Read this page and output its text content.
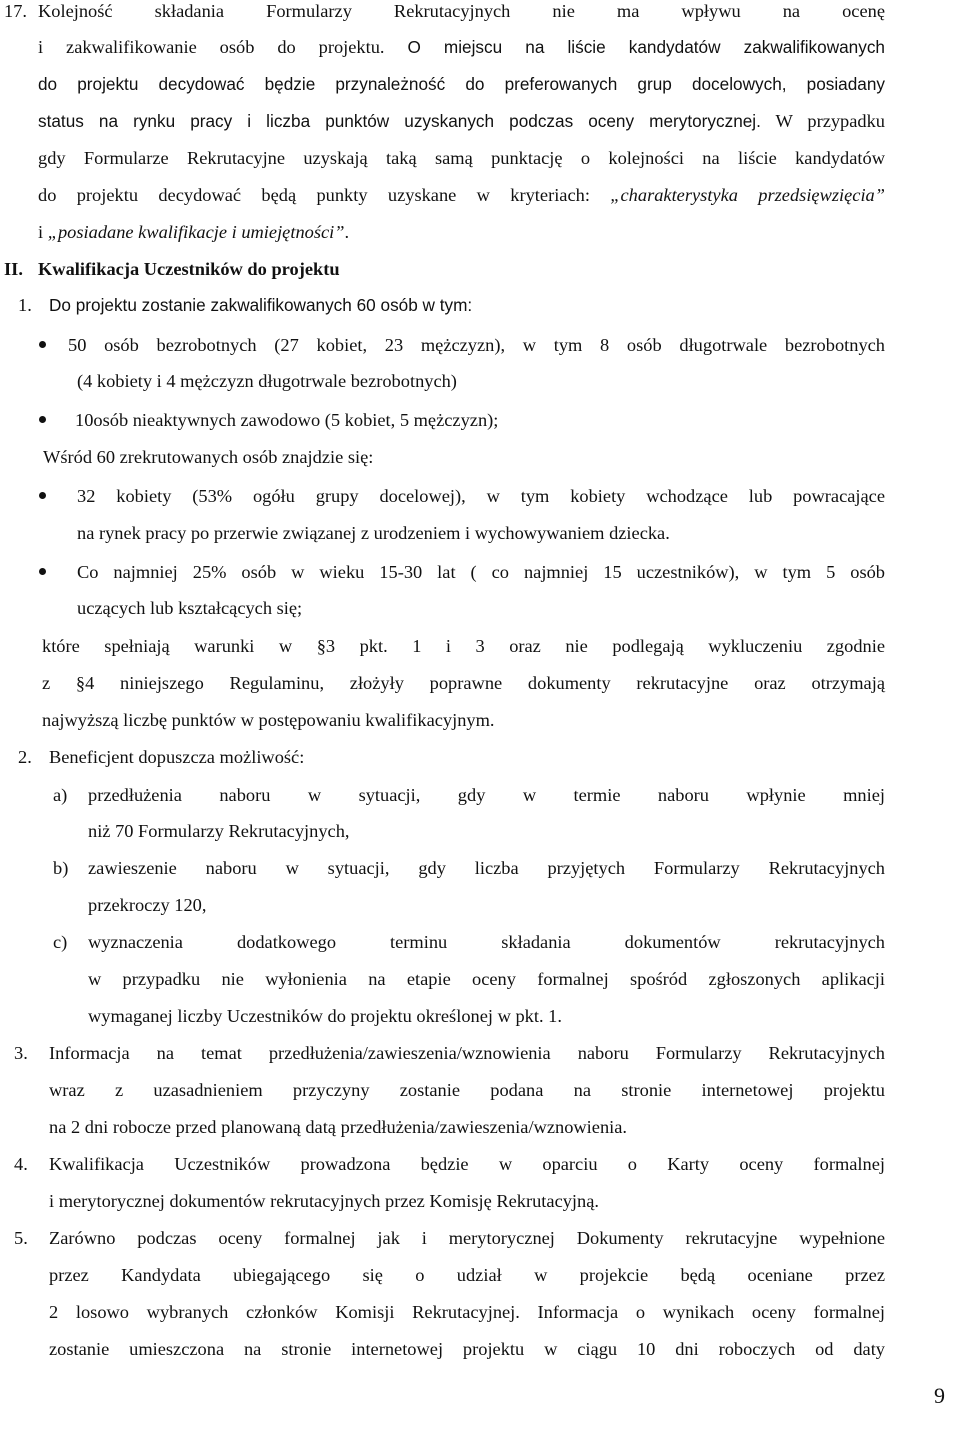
17. Kolejność składania Formularzy Rekrutacyjnych nie ma wpływu na ocenę
i zakwalifikowanie osób do projektu. O miejscu na liście kandydatów zakwalifikowanych
do projektu decydować będzie przynależność do preferowanych grup docelowych, posiadany
status na rynku pracy i liczba punktów uzyskanych podczas oceny merytorycznej. W przypadku
gdy Formularze Rekrutacyjne uzyskają taką samą punktację o kolejności na liście kandydatów
do projektu decydować będą punkty uzyskane w kryteriach: „charakterystyka przedsięwzięcia”
i „posiadane kwalifikacje i umiejętności”.
II. Kwalifikacja Uczestników do projektu
1. Do projektu zostanie zakwalifikowanych 60 osób w tym:
50 osób bezrobotnych (27 kobiet, 23 mężczyzn), w tym 8 osób długotrwale bezrobotnych
(4 kobiety i 4 mężczyzn długotrwale bezrobotnych)
10osób nieaktywnych zawodowo (5 kobiet, 5 mężczyzn);
Wśród 60 zrekrutowanych osób znajdzie się:
32 kobiety (53% ogółu grupy docelowej), w tym kobiety wchodzące lub powracające
na rynek pracy po przerwie związanej z urodzeniem i wychowywaniem dziecka.
Co najmniej 25% osób w wieku 15-30 lat ( co najmniej 15 uczestników), w tym 5 osób
uczących lub kształcących się;
które spełniają warunki w §3 pkt. 1 i 3 oraz nie podlegają wykluczeniu zgodnie
z §4 niniejszego Regulaminu, złożyły poprawne dokumenty rekrutacyjne oraz otrzymają
najwyższą liczbę punktów w postępowaniu kwalifikacyjnym.
2. Beneficjent dopuszcza możliwość:
a) przedłużenia naboru w sytuacji, gdy w termie naboru wpłynie mniej
niż 70 Formularzy Rekrutacyjnych,
b) zawieszenie naboru w sytuacji, gdy liczba przyjętych Formularzy Rekrutacyjnych
przekroczy 120,
c) wyznaczenia dodatkowego terminu składania dokumentów rekrutacyjnych
w przypadku nie wyłonienia na etapie oceny formalnej spośród zgłoszonych aplikacji
wymaganej liczby Uczestników do projektu określonej w pkt. 1.
3. Informacja na temat przedłużenia/zawieszenia/wznowienia naboru Formularzy Rekrutacyjnych
wraz z uzasadnieniem przyczyny zostanie podana na stronie internetowej projektu
na 2 dni robocze przed planowaną datą przedłużenia/zawieszenia/wznowienia.
4. Kwalifikacja Uczestników prowadzona będzie w oparciu o Karty oceny formalnej
i merytorycznej dokumentów rekrutacyjnych przez Komisję Rekrutacyjną.
5. Zarówno podczas oceny formalnej jak i merytorycznej Dokumenty rekrutacyjne wypełnione
przez Kandydata ubiegającego się o udział w projekcie będą oceniane przez
2 losowo wybranych członków Komisji Rekrutacyjnej. Informacja o wynikach oceny formalnej
zostanie umieszczona na stronie internetowej projektu w ciągu 10 dni roboczych od daty
9
